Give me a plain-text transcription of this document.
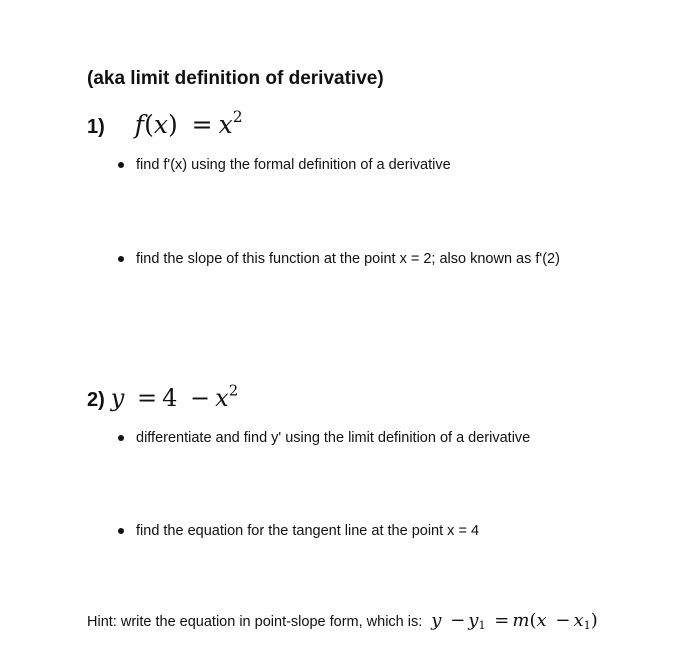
(aka limit definition of derivative)
1) $f(x) = x^2$
find f'(x) using the formal definition of a derivative
find the slope of this function at the point x = 2; also known as f'(2)
2) $y = 4 - x^2$
differentiate and find y' using the limit definition of a derivative
find the equation for the tangent line at the point x = 4
Hint: write the equation in point-slope form, which is: $y - y_1 = m(x - x_1)$
